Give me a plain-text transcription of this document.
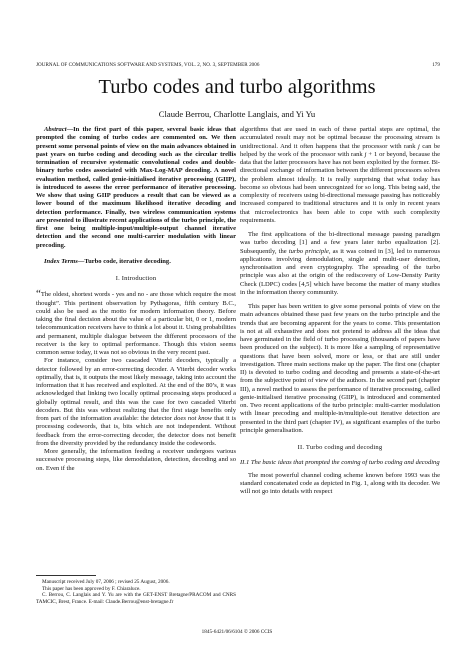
JOURNAL OF COMMUNICATIONS SOFTWARE AND SYSTEMS, VOL. 2, NO. 3, SEPTEMBER 2006	179
Turbo codes and turbo algorithms
Claude Berrou, Charlotte Langlais, and Yi Yu

Abstract—In the first part of this paper, several basic ideas that prompted the coming of turbo codes are commented on. We then present some personal points of view on the main advances obtained in past years on turbo coding and decoding such as the circular trellis termination of recursive systematic convolutional codes and double-binary turbo codes associated with Max-Log-MAP decoding. A novel evaluation method, called genie-initialised iterative processing (GIIP), is introduced to assess the error performance of iterative processing. We show that using GIIP produces a result that can be viewed as a lower bound of the maximum likelihood iterative decoding and detection performance. Finally, two wireless communication systems are presented to illustrate recent applications of the turbo principle, the first one being multiple-input/multiple-output channel iterative detection and the second one multi-carrier modulation with linear precoding.

Index Terms—Turbo code, iterative decoding.

I. Introduction

“The oldest, shortest words - yes and no - are those which require the most thought”. This pertinent observation by Pythagoras, fifth century B.C., could also be used as the motto for modern information theory. Before taking the final decision about the value of a particular bit, 0 or 1, modern telecommunication receivers have to think a lot about it. Using probabilities and permanent, multiple dialogue between the different processors of the receiver is the key to optimal performance. Though this vision seems common sense today, it was not so obvious in the very recent past.

For instance, consider two cascaded Viterbi decoders, typically a detector followed by an error-correcting decoder. A Viterbi decoder works optimally, that is, it outputs the most likely message, taking into account the information that it has received and exploited. At the end of the 80’s, it was acknowledged that linking two locally optimal processing steps produced a globally optimal result, and this was the case for two cascaded Viterbi decoders. But this was without realizing that the first stage benefits only from part of the information available: the detector does not know that it is processing codewords, that is, bits which are not independent. Without feedback from the error-correcting decoder, the detector does not benefit from the diversity provided by the redundancy inside the codewords.

More generally, the information feeding a receiver undergoes various successive processing steps, like demodulation, detection, decoding and so on. Even if the

Manuscript received July 07, 2006 ; revised 25 August, 2006.

This paper has been approved by F. Chiaraluce.

C. Berrou, C. Langlais and Y. Yu are with the GET-ENST Bretagne/PRACOM and CNRS TAMCIC, Brest, France. E-mail: Claude.Berrou@enst-bretagne.fr

algorithms that are used in each of these partial steps are optimal, the accumulated result may not be optimal because the processing stream is unidirectional. And it often happens that the processor with rank j can be helped by the work of the processor with rank j + 1 or beyond, because the data that the latter processors have has not been exploited by the former. Bi-directional exchange of information between the different processors solves the problem almost ideally. It is really surprising that what today has become so obvious had been unrecognized for so long. This being said, the complexity of receivers using bi-directional message passing has noticeably increased compared to traditional structures and it is only in recent years that microelectronics has been able to cope with such complexity requirements.

The first applications of the bi-directional message passing paradigm was turbo decoding [1] and a few years later turbo equalization [2]. Subsequently, the turbo principle, as it was coined in [3], led to numerous applications involving demodulation, single and multi-user detection, synchronisation and even cryptography. The spreading of the turbo principle was also at the origin of the rediscovery of Low-Density Parity Check (LDPC) codes [4,5] which have become the matter of many studies in the information theory community.

This paper has been written to give some personal points of view on the main advances obtained these past few years on the turbo principle and the trends that are becoming apparent for the years to come. This presentation is not at all exhaustive and does not pretend to address all the ideas that have germinated in the field of turbo processing (thousands of papers have been produced on the subject). It is more like a sampling of representative questions that have been solved, more or less, or that are still under investigation. Three main sections make up the paper. The first one (chapter II) is devoted to turbo coding and decoding and presents a state-of-the-art from the subjective point of view of the authors. In the second part (chapter III), a novel method to assess the performance of iterative processing, called genie-initialised iterative processing (GIIP), is introduced and commented on. Two recent applications of the turbo principle: multi-carrier modulation with linear precoding and multiple-in/multiple-out iterative detection are presented in the third part (chapter IV), as significant examples of the turbo principle generalisation.

II. Turbo coding and decoding

II.1 The basic ideas that prompted the coming of turbo coding and decoding

The most powerful channel coding scheme known before 1993 was the standard concatenated code as depicted in Fig. 1, along with its decoder. We will not go into details with respect

1845-6421/06/6104 © 2006 CCIS
